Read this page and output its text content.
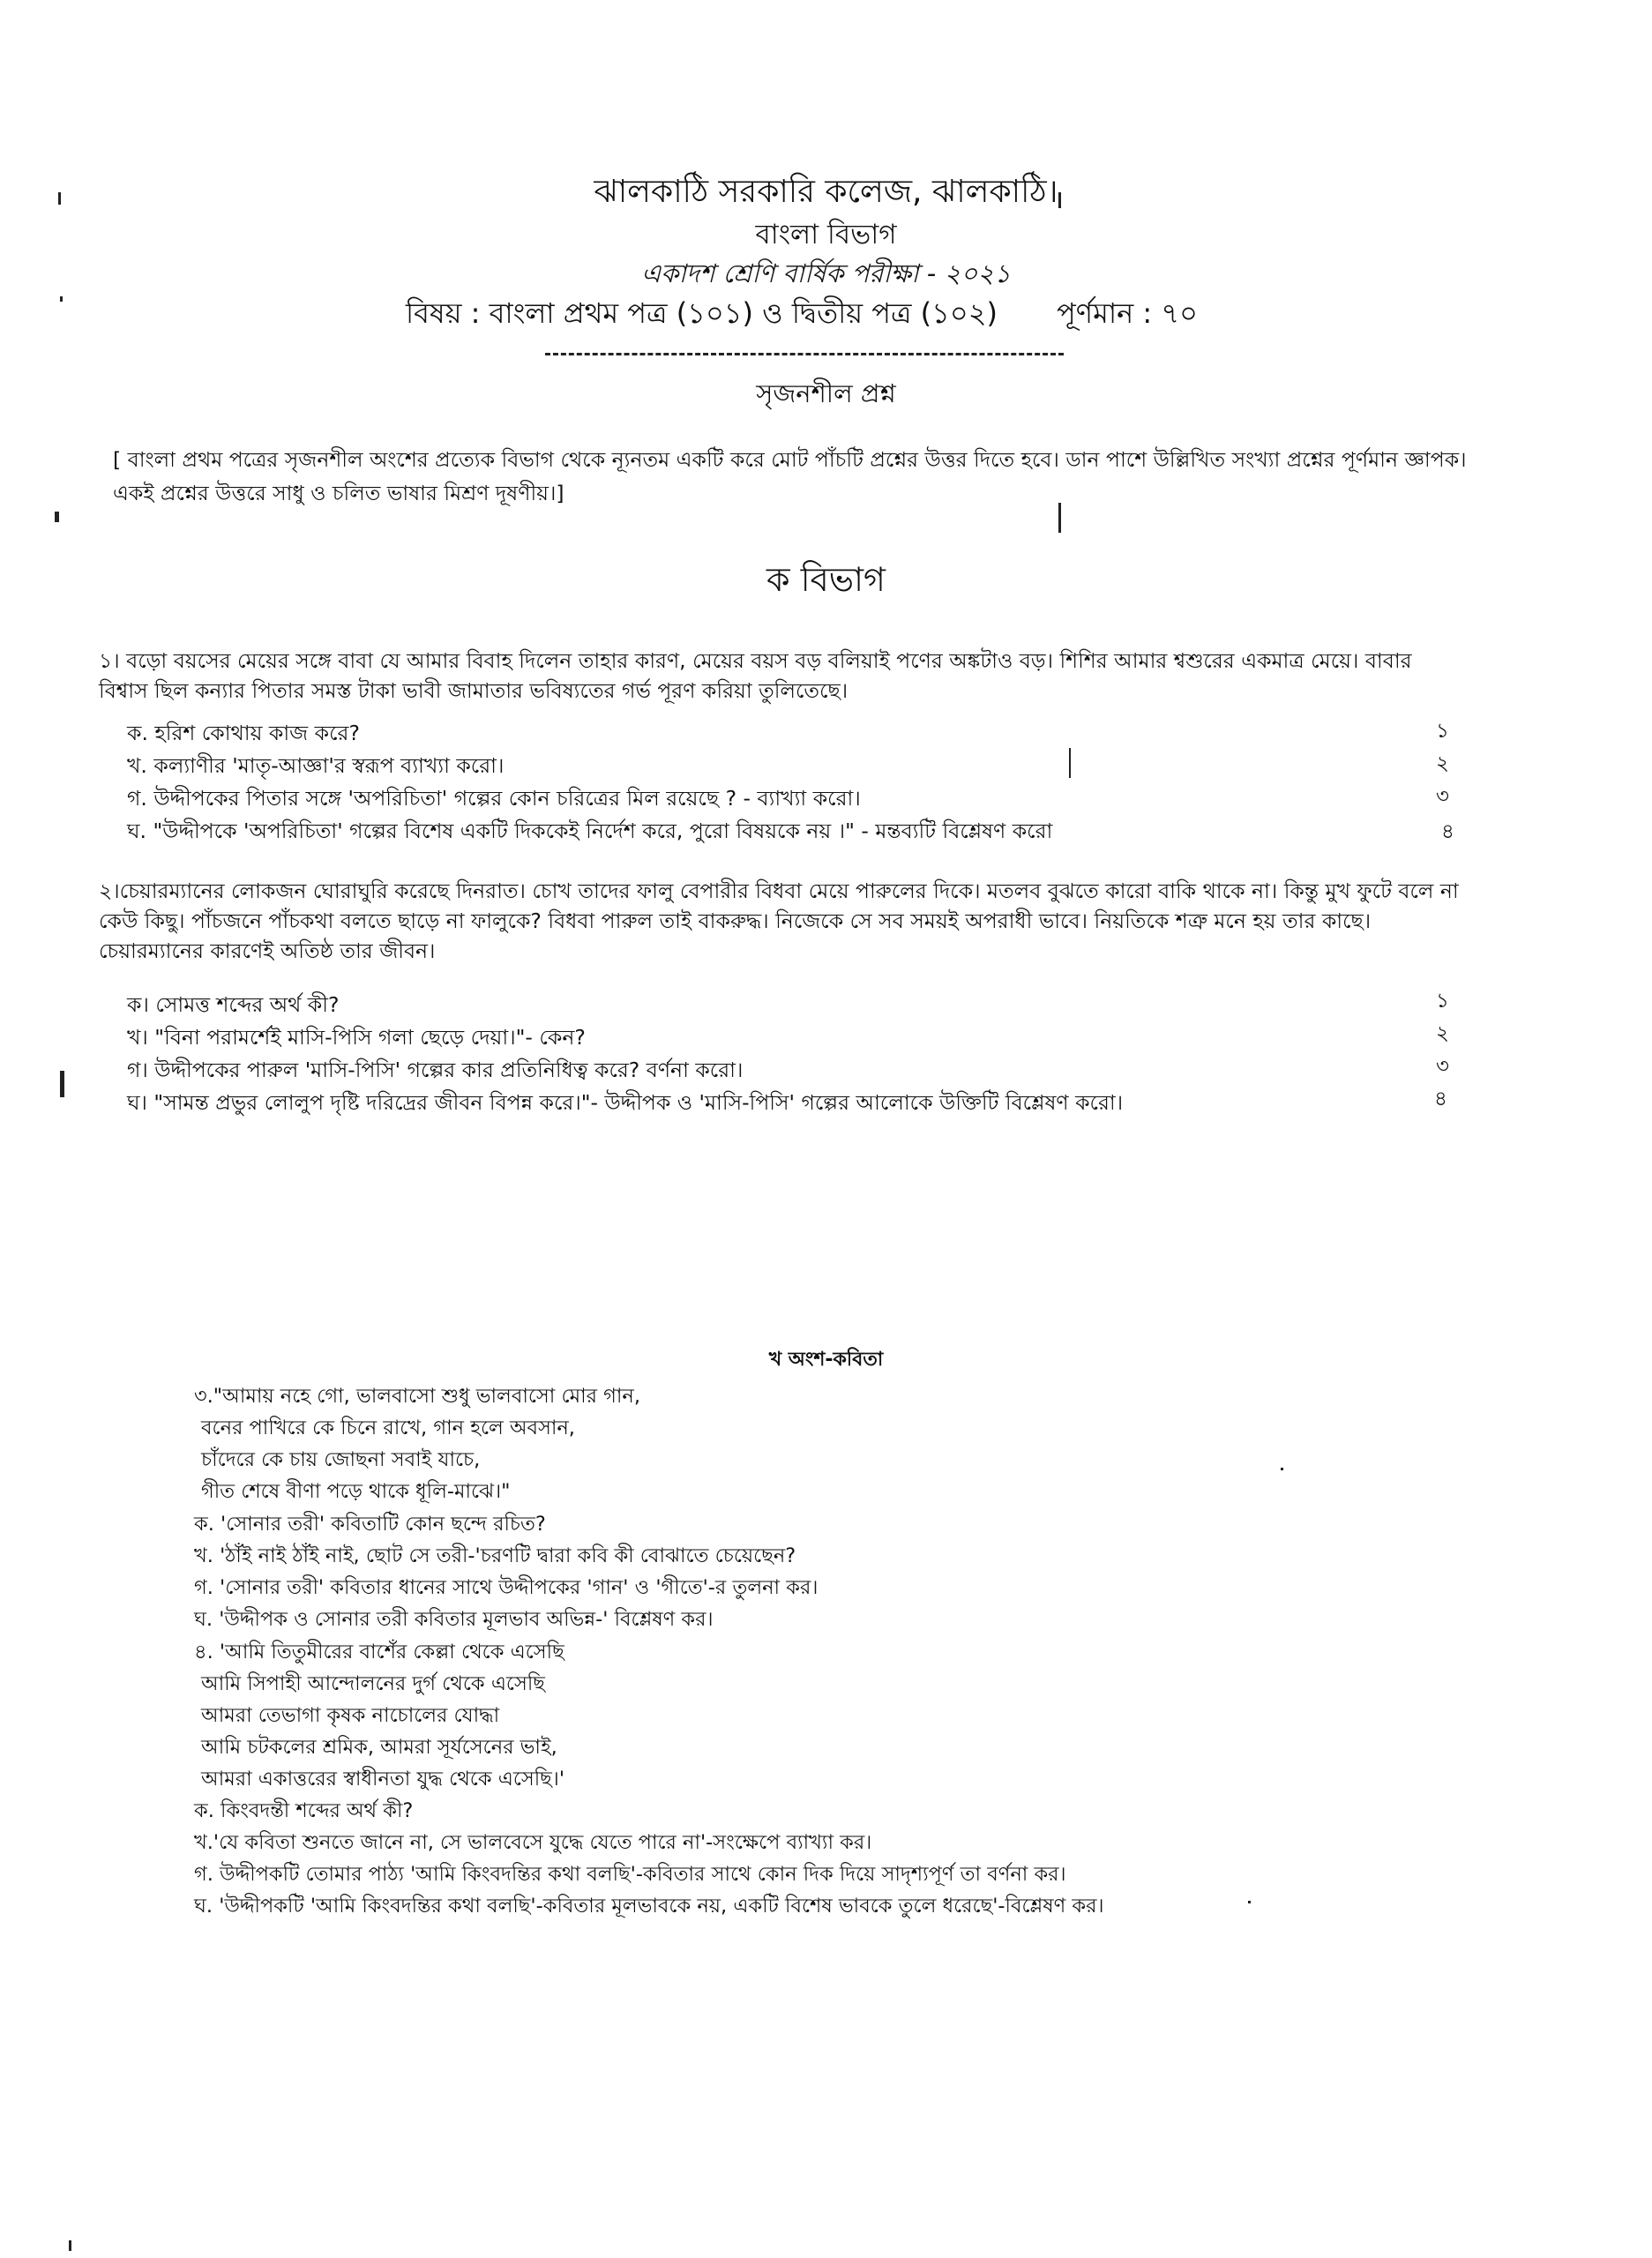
ঝালকাঠি সরকারি কলেজ, ঝালকাঠি।
বাংলা বিভাগ
একাদশ শ্রেণি বার্ষিক পরীক্ষা - ২০২১
বিষয় : বাংলা প্রথম পত্র (১০১) ও দ্বিতীয় পত্র (১০২) পূর্ণমান : ৭০
সৃজনশীল প্রশ্ন
[ বাংলা প্রথম পত্রের সৃজনশীল অংশের প্রত্যেক বিভাগ থেকে ন্যূনতম একটি করে মোট পাঁচটি প্রশ্নের উত্তর দিতে হবে। ডান পাশে উল্লিখিত সংখ্যা প্রশ্নের পূর্ণমান জ্ঞাপক। একই প্রশ্নের উত্তরে সাধু ও চলিত ভাষার মিশ্রণ দূষণীয়।]
ক বিভাগ
১। বড়ো বয়সের মেয়ের সঙ্গে বাবা যে আমার বিবাহ দিলেন তাহার কারণ, মেয়ের বয়স বড় বলিয়াই পণের অঙ্কটাও বড়। শিশির আমার শ্বশুরের একমাত্র মেয়ে। বাবার বিশ্বাস ছিল কন্যার পিতার সমস্ত টাকা ভাবী জামাতার ভবিষ্যতের গর্ভ পূরণ করিয়া তুলিতেছে।
ক. হরিশ কোথায় কাজ করে?	১
খ. কল্যাণীর 'মাতৃ-আজ্ঞা'র স্বরূপ ব্যাখ্যা করো।	২
গ. উদ্দীপকের পিতার সঙ্গে 'অপরিচিতা' গল্পের কোন চরিত্রের মিল রয়েছে ? - ব্যাখ্যা করো।	৩
ঘ. "উদ্দীপকে 'অপরিচিতা' গল্পের বিশেষ একটি দিককেই নির্দেশ করে, পুরো বিষয়কে নয় ।" - মন্তব্যটি বিশ্লেষণ করো	৪
২।চেয়ারম্যানের লোকজন ঘোরাঘুরি করেছে দিনরাত। চোখ তাদের ফালু বেপারীর বিধবা মেয়ে পারুলের দিকে। মতলব বুঝতে কারো বাকি থাকে না। কিন্তু মুখ ফুটে বলে না কেউ কিছু। পাঁচজনে পাঁচকথা বলতে ছাড়ে না ফালুকে? বিধবা পারুল তাই বাকরুদ্ধ। নিজেকে সে সব সময়ই অপরাধী ভাবে। নিয়তিকে শত্রু মনে হয় তার কাছে। চেয়ারম্যানের কারণেই অতিষ্ঠ তার জীবন।
ক। সোমত্ত শব্দের অর্থ কী?	১
খ। "বিনা পরামর্শেই মাসি-পিসি গলা ছেড়ে দেয়া।"- কেন?	২
গ। উদ্দীপকের পারুল 'মাসি-পিসি' গল্পের কার প্রতিনিধিত্ব করে? বর্ণনা করো।	৩
ঘ। "সামন্ত প্রভুর লোলুপ দৃষ্টি দরিদ্রের জীবন বিপন্ন করে।"- উদ্দীপক ও 'মাসি-পিসি' গল্পের আলোকে উক্তিটি বিশ্লেষণ করো।	৪
খ অংশ-কবিতা
৩."আমায় নহে গো, ভালবাসো শুধু ভালবাসো মোর গান,
বনের পাখিরে কে চিনে রাখে, গান হলে অবসান,
চাঁদেরে কে চায় জোছনা সবাই যাচে,
গীত শেষে বীণা পড়ে থাকে ধূলি-মাঝে।"
ক. 'সোনার তরী' কবিতাটি কোন ছন্দে রচিত?
খ. 'ঠাঁই নাই ঠাঁই নাই, ছোট সে তরী-'চরণটি দ্বারা কবি কী বোঝাতে চেয়েছেন?
গ. 'সোনার তরী' কবিতার ধানের সাথে উদ্দীপকের 'গান' ও 'গীতে'-র তুলনা কর।
ঘ. 'উদ্দীপক ও সোনার তরী কবিতার মূলভাব অভিন্ন-' বিশ্লেষণ কর।
৪. 'আমি তিতুমীরের বাশেঁর কেল্লা থেকে এসেছি
আমি সিপাহী আন্দোলনের দুর্গ থেকে এসেছি
আমরা তেভাগা কৃষক নাচোলের যোদ্ধা
আমি চটকলের শ্রমিক, আমরা সূর্যসেনের ভাই,
আমরা একাত্তরের স্বাধীনতা যুদ্ধ থেকে এসেছি।'
ক. কিংবদন্তী শব্দের অর্থ কী?
খ.'যে কবিতা শুনতে জানে না, সে ভালবেসে যুদ্ধে যেতে পারে না'-সংক্ষেপে ব্যাখ্যা কর।
গ. উদ্দীপকটি তোমার পাঠ্য 'আমি কিংবদন্তির কথা বলছি'-কবিতার সাথে কোন দিক দিয়ে সাদৃশ্যপূর্ণ তা বর্ণনা কর।
ঘ. 'উদ্দীপকটি 'আমি কিংবদন্তির কথা বলছি'-কবিতার মূলভাবকে নয়, একটি বিশেষ ভাবকে তুলে ধরেছে'-বিশ্লেষণ কর।
